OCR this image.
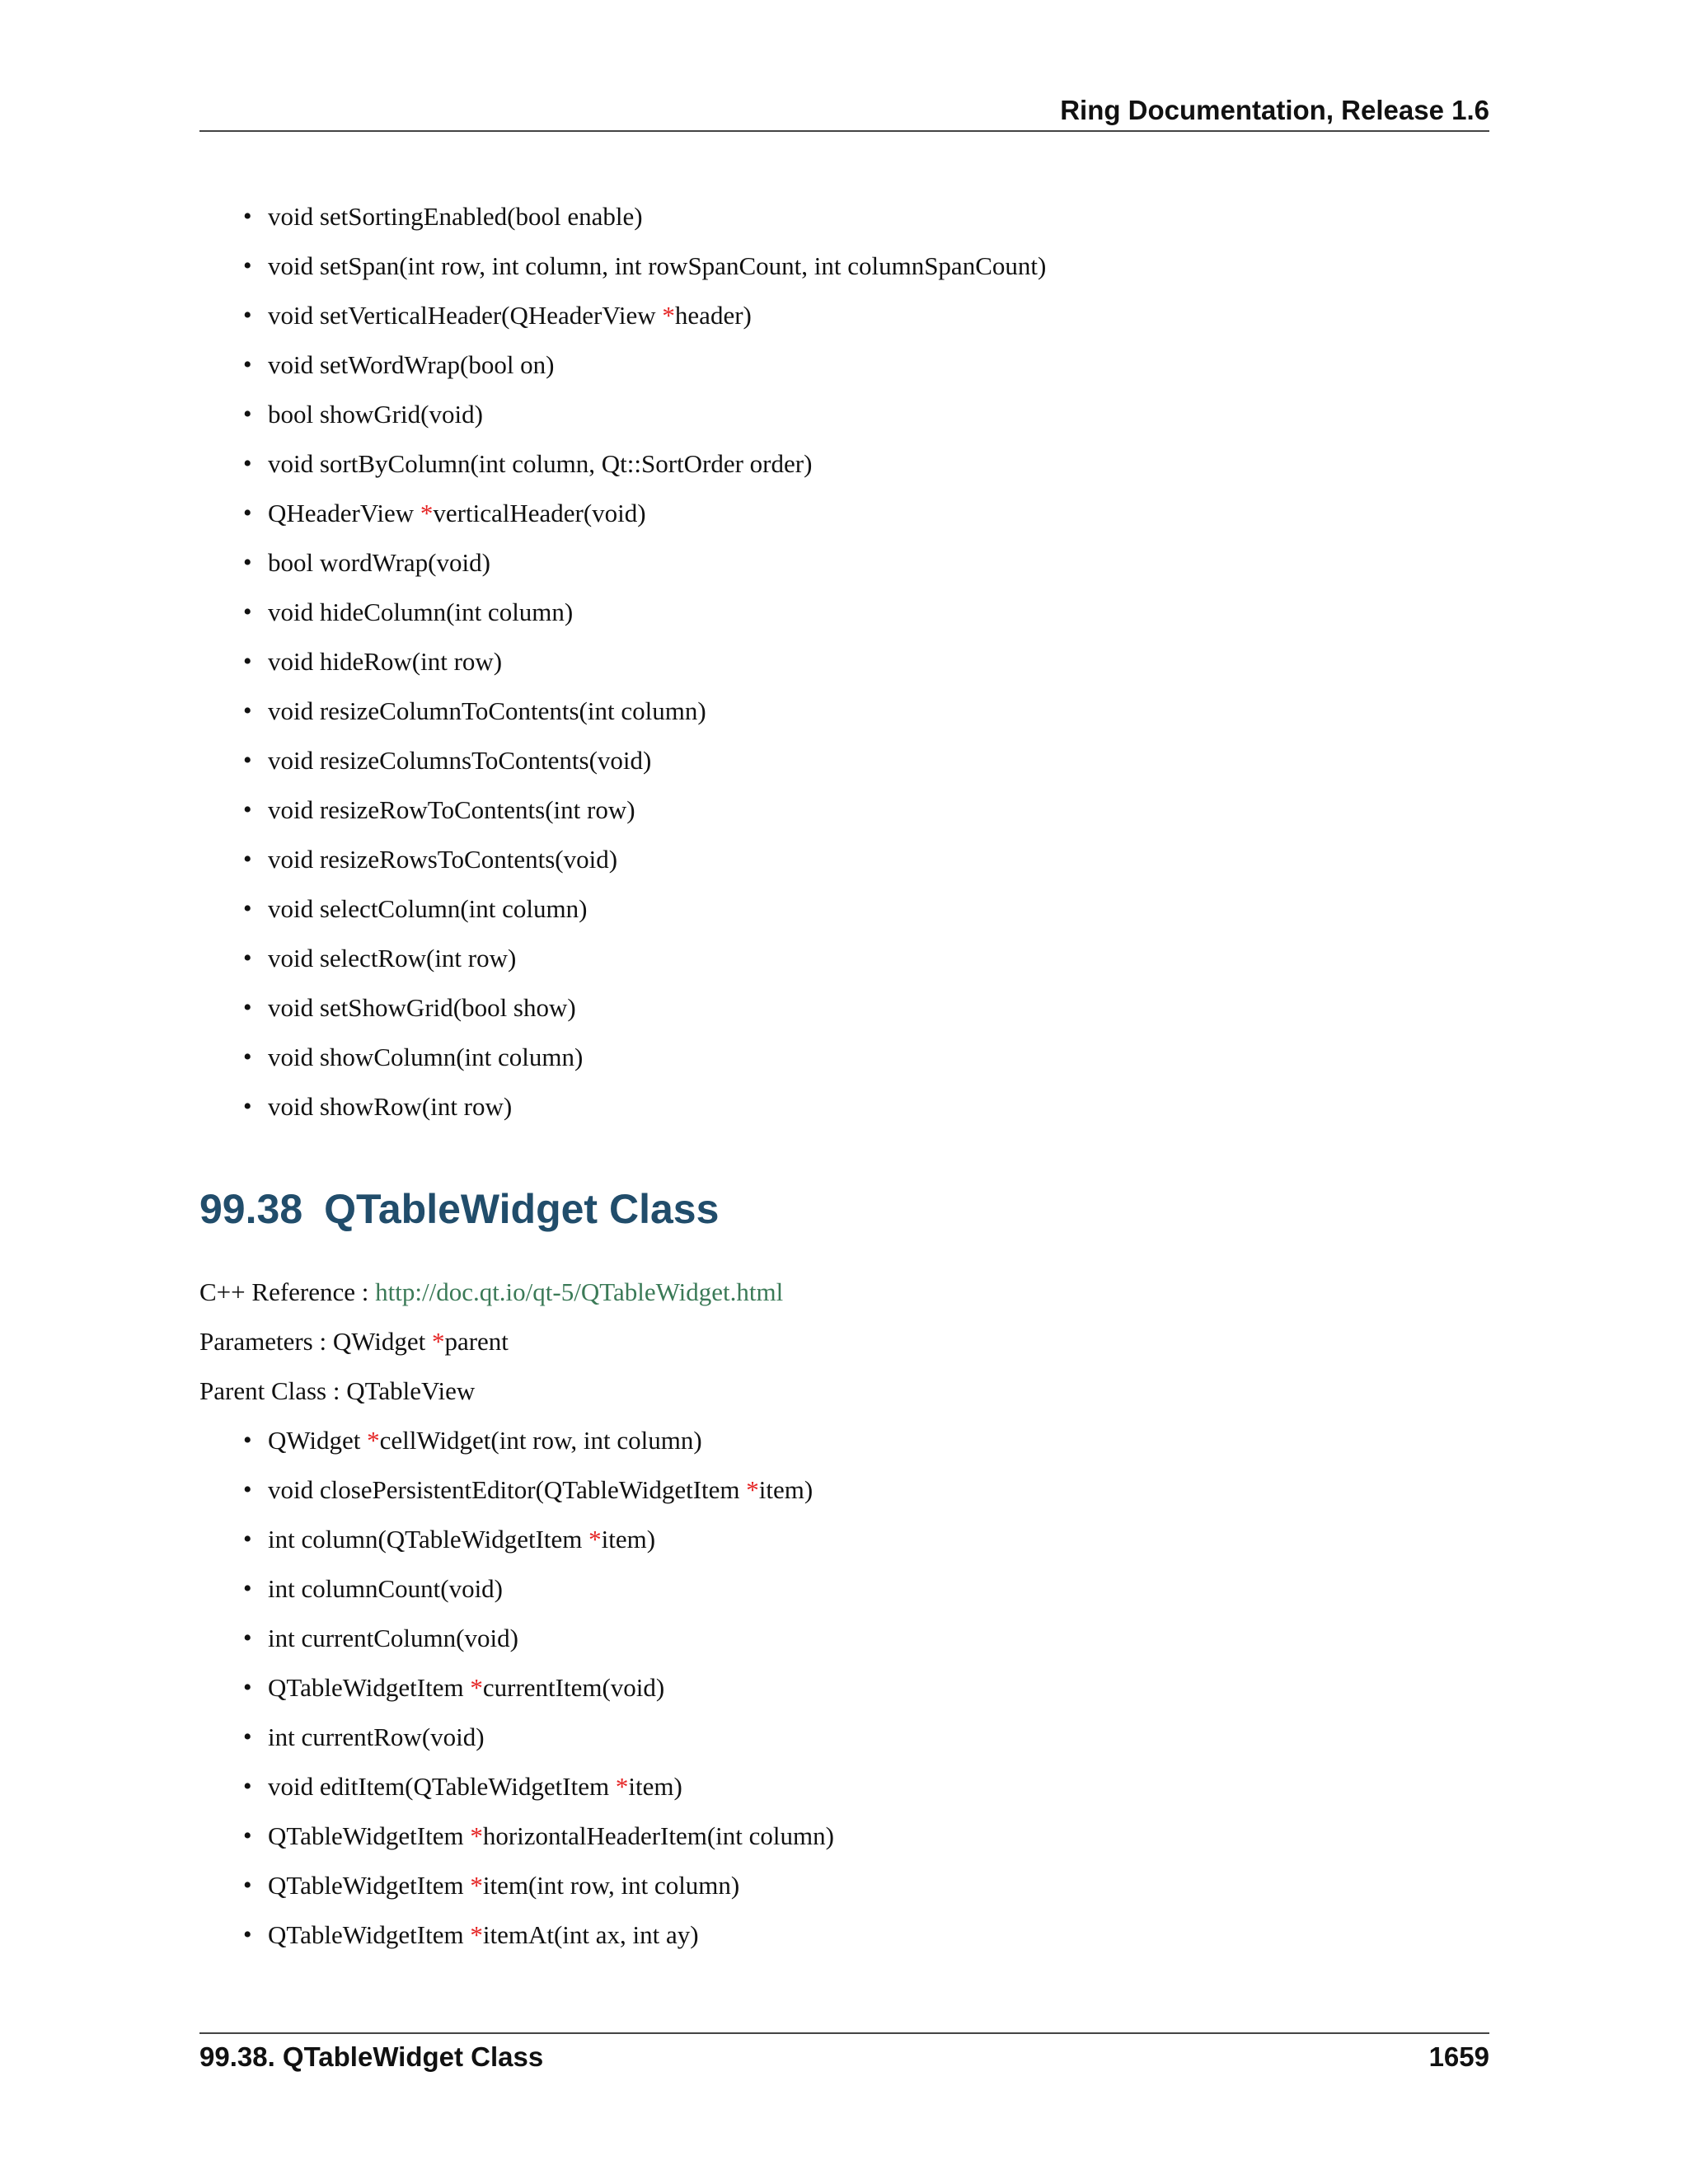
Ring Documentation, Release 1.6
• void setSortingEnabled(bool enable)
• void setSpan(int row, int column, int rowSpanCount, int columnSpanCount)
• void setVerticalHeader(QHeaderView *header)
• void setWordWrap(bool on)
• bool showGrid(void)
• void sortByColumn(int column, Qt::SortOrder order)
• QHeaderView *verticalHeader(void)
• bool wordWrap(void)
• void hideColumn(int column)
• void hideRow(int row)
• void resizeColumnToContents(int column)
• void resizeColumnsToContents(void)
• void resizeRowToContents(int row)
• void resizeRowsToContents(void)
• void selectColumn(int column)
• void selectRow(int row)
• void setShowGrid(bool show)
• void showColumn(int column)
• void showRow(int row)
99.38 QTableWidget Class
C++ Reference : http://doc.qt.io/qt-5/QTableWidget.html
Parameters : QWidget *parent
Parent Class : QTableView
• QWidget *cellWidget(int row, int column)
• void closePersistentEditor(QTableWidgetItem *item)
• int column(QTableWidgetItem *item)
• int columnCount(void)
• int currentColumn(void)
• QTableWidgetItem *currentItem(void)
• int currentRow(void)
• void editItem(QTableWidgetItem *item)
• QTableWidgetItem *horizontalHeaderItem(int column)
• QTableWidgetItem *item(int row, int column)
• QTableWidgetItem *itemAt(int ax, int ay)
99.38. QTableWidget Class	1659
